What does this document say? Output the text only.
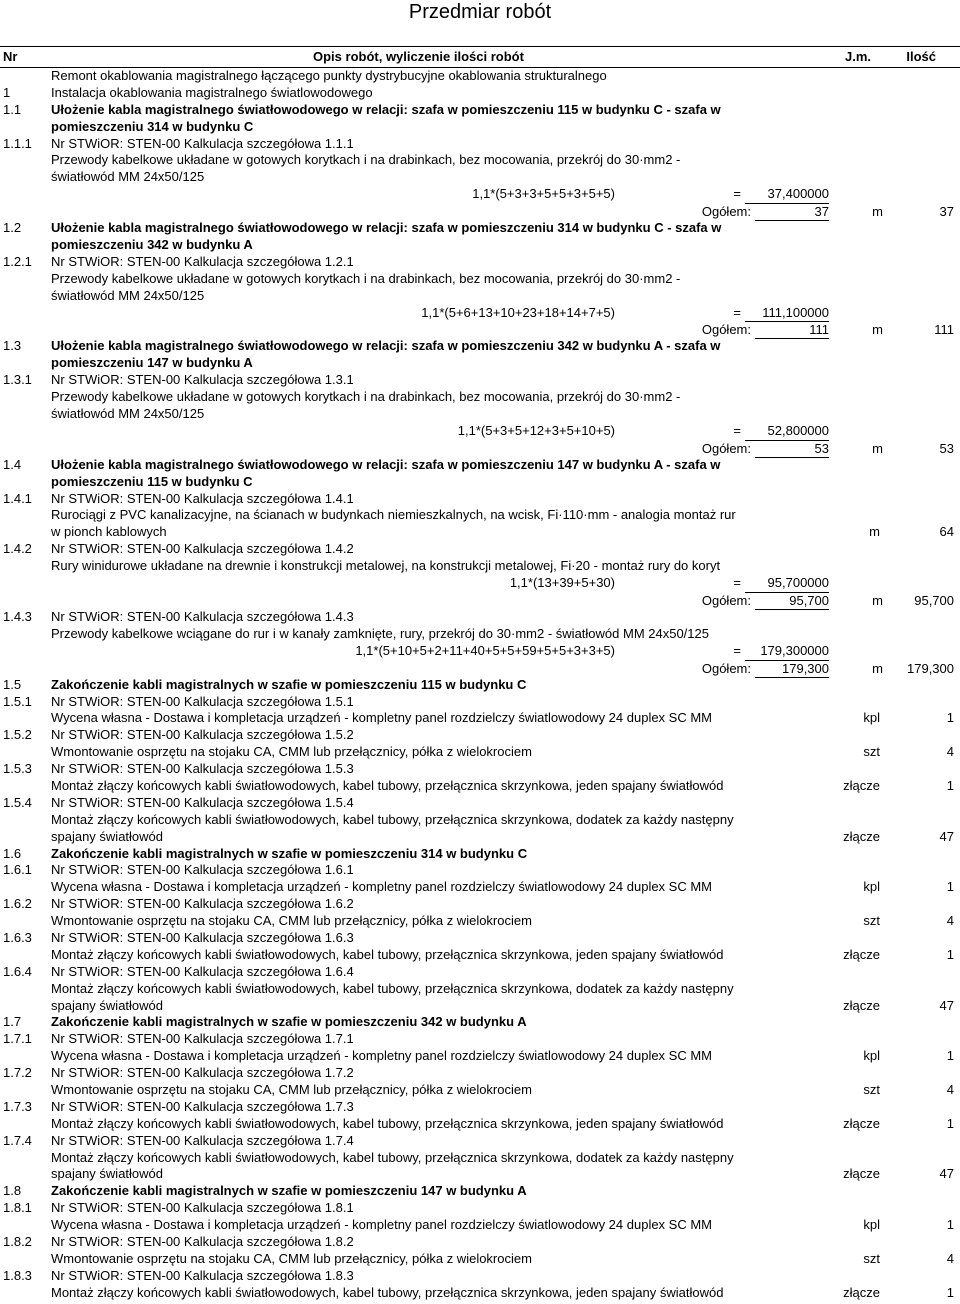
Przedmiar robót
Nr	Opis robót, wyliczenie ilości robót	J.m.	Ilość
Remont okablowania magistralnego łączącego punkty dystrybucyjne okablowania strukturalnego
1	Instalacja okablowania magistralnego światlowodowego
1.1 Ułożenie kabla magistralnego światłowodowego w relacji: szafa w pomieszczeniu 115 w budynku C - szafa w
pomieszczeniu 314 w budynku C
1.1.1 Nr STWiOR: STEN-00 Kalkulacja szczegółowa 1.1.1
Przewody kabelkowe układane w gotowych korytkach i na drabinkach, bez mocowania, przekrój do 30·mm2 -
światłowód MM 24x50/125
1,1*(5+3+3+5+5+3+5+5)	=	37,400000
Ogółem:	37	m	37
1.2 Ułożenie kabla magistralnego światłowodowego w relacji: szafa w pomieszczeniu 314 w budynku C - szafa w
pomieszczeniu 342 w budynku A
1.2.1 Nr STWiOR: STEN-00 Kalkulacja szczegółowa 1.2.1
Przewody kabelkowe układane w gotowych korytkach i na drabinkach, bez mocowania, przekrój do 30·mm2 -
światłowód MM 24x50/125
1,1*(5+6+13+10+23+18+14+7+5)	=	111,100000
Ogółem:	111	m	111
1.3 Ułożenie kabla magistralnego światłowodowego w relacji: szafa w pomieszczeniu 342 w budynku A - szafa w
pomieszczeniu 147 w budynku A
1.3.1 Nr STWiOR: STEN-00 Kalkulacja szczegółowa 1.3.1
Przewody kabelkowe układane w gotowych korytkach i na drabinkach, bez mocowania, przekrój do 30·mm2 -
światłowód MM 24x50/125
1,1*(5+3+5+12+3+5+10+5)	=	52,800000
Ogółem:	53	m	53
1.4 Ułożenie kabla magistralnego światłowodowego w relacji: szafa w pomieszczeniu 147 w budynku A - szafa w
pomieszczeniu 115 w budynku C
1.4.1 Nr STWiOR: STEN-00 Kalkulacja szczegółowa 1.4.1
Rurociągi z PVC kanalizacyjne, na ścianach w budynkach niemieszkalnych, na wcisk, Fi·110·mm - analogia montaż rur
w pionch kablowych	m	64
1.4.2 Nr STWiOR: STEN-00 Kalkulacja szczegółowa 1.4.2
Rury winidurowe układane na drewnie i konstrukcji metalowej, na konstrukcji metalowej, Fi·20 - montaż rury do koryt
1,1*(13+39+5+30)	=	95,700000
Ogółem:	95,700	m 95,700
1.4.3 Nr STWiOR: STEN-00 Kalkulacja szczegółowa 1.4.3
Przewody kabelkowe wciągane do rur i w kanały zamknięte, rury, przekrój do 30·mm2 - światłowód MM 24x50/125
1,1*(5+10+5+2+11+40+5+5+59+5+5+3+3+5)	=	179,300000
Ogółem:	179,300	m 179,300
1.5 Zakończenie kabli magistralnych w szafie w pomieszczeniu 115 w budynku C
1.5.1 Nr STWiOR: STEN-00 Kalkulacja szczegółowa 1.5.1
Wycena własna - Dostawa i kompletacja urządzeń - kompletny panel rozdzielczy światlowodowy 24 duplex SC MM	kpl	1
1.5.2 Nr STWiOR: STEN-00 Kalkulacja szczegółowa 1.5.2
Wmontowanie osprzętu na stojaku CA, CMM lub przełącznicy, półka z wielokrociem	szt	4
1.5.3 Nr STWiOR: STEN-00 Kalkulacja szczegółowa 1.5.3
Montaż złączy końcowych kabli światłowodowych, kabel tubowy, przełącznica skrzynkowa, jeden spajany światłowód	złącze	1
1.5.4 Nr STWiOR: STEN-00 Kalkulacja szczegółowa 1.5.4
Montaż złączy końcowych kabli światłowodowych, kabel tubowy, przełącznica skrzynkowa, dodatek za każdy następny
spajany światłowód	złącze	47
1.6 Zakończenie kabli magistralnych w szafie w pomieszczeniu 314 w budynku C
1.6.1 Nr STWiOR: STEN-00 Kalkulacja szczegółowa 1.6.1
Wycena własna - Dostawa i kompletacja urządzeń - kompletny panel rozdzielczy światlowodowy 24 duplex SC MM	kpl	1
1.6.2 Nr STWiOR: STEN-00 Kalkulacja szczegółowa 1.6.2
Wmontowanie osprzętu na stojaku CA, CMM lub przełącznicy, półka z wielokrociem	szt	4
1.6.3 Nr STWiOR: STEN-00 Kalkulacja szczegółowa 1.6.3
Montaż złączy końcowych kabli światłowodowych, kabel tubowy, przełącznica skrzynkowa, jeden spajany światłowód	złącze	1
1.6.4 Nr STWiOR: STEN-00 Kalkulacja szczegółowa 1.6.4
Montaż złączy końcowych kabli światłowodowych, kabel tubowy, przełącznica skrzynkowa, dodatek za każdy następny
spajany światłowód	złącze	47
1.7 Zakończenie kabli magistralnych w szafie w pomieszczeniu 342 w budynku A
1.7.1 Nr STWiOR: STEN-00 Kalkulacja szczegółowa 1.7.1
Wycena własna - Dostawa i kompletacja urządzeń - kompletny panel rozdzielczy światlowodowy 24 duplex SC MM	kpl	1
1.7.2 Nr STWiOR: STEN-00 Kalkulacja szczegółowa 1.7.2
Wmontowanie osprzętu na stojaku CA, CMM lub przełącznicy, półka z wielokrociem	szt	4
1.7.3 Nr STWiOR: STEN-00 Kalkulacja szczegółowa 1.7.3
Montaż złączy końcowych kabli światłowodowych, kabel tubowy, przełącznica skrzynkowa, jeden spajany światłowód	złącze	1
1.7.4 Nr STWiOR: STEN-00 Kalkulacja szczegółowa 1.7.4
Montaż złączy końcowych kabli światłowodowych, kabel tubowy, przełącznica skrzynkowa, dodatek za każdy następny
spajany światłowód	złącze	47
1.8 Zakończenie kabli magistralnych w szafie w pomieszczeniu 147 w budynku A
1.8.1 Nr STWiOR: STEN-00 Kalkulacja szczegółowa 1.8.1
Wycena własna - Dostawa i kompletacja urządzeń - kompletny panel rozdzielczy światlowodowy 24 duplex SC MM	kpl	1
1.8.2 Nr STWiOR: STEN-00 Kalkulacja szczegółowa 1.8.2
Wmontowanie osprzętu na stojaku CA, CMM lub przełącznicy, półka z wielokrociem	szt	4
1.8.3 Nr STWiOR: STEN-00 Kalkulacja szczegółowa 1.8.3
Montaż złączy końcowych kabli światłowodowych, kabel tubowy, przełącznica skrzynkowa, jeden spajany światłowód	złącze	1
